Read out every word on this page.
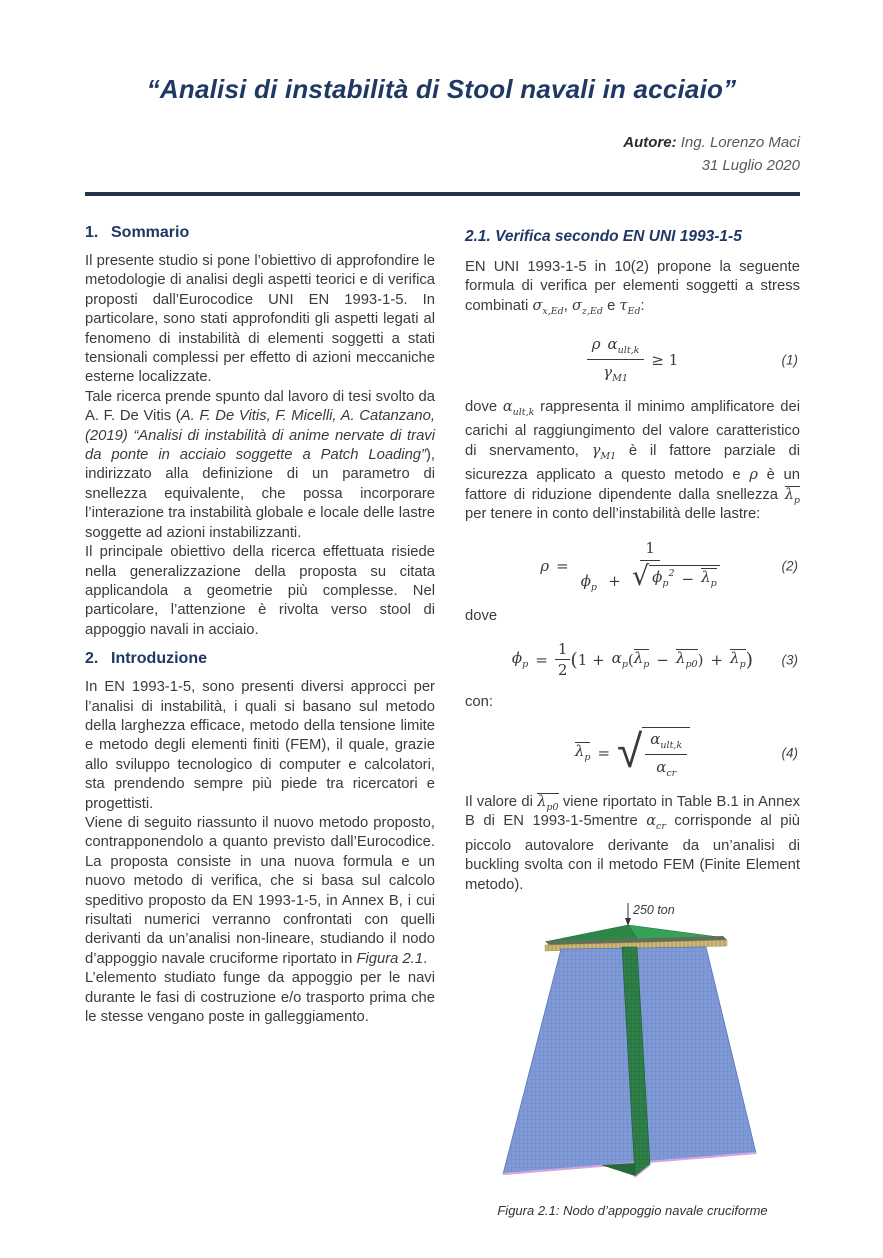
“Analisi di instabilità di Stool navali in acciaio”
Autore: Ing. Lorenzo Maci
31 Luglio 2020
1. Sommario

Il presente studio si pone l’obiettivo di approfondire le metodologie di analisi degli aspetti teorici e di verifica proposti dall’Eurocodice UNI EN 1993-1-5. In particolare, sono stati approfonditi gli aspetti legati al fenomeno di instabilità di elementi soggetti a stati tensionali complessi per effetto di azioni meccaniche esterne localizzate.

Tale ricerca prende spunto dal lavoro di tesi svolto da A. F. De Vitis (A. F. De Vitis, F. Micelli, A. Catanzano, (2019) “Analisi di instabilità di anime nervate di travi da ponte in acciaio soggette a Patch Loading”), indirizzato alla definizione di un parametro di snellezza equivalente, che possa incorporare l’interazione tra instabilità globale e locale delle lastre soggette ad azioni instabilizzanti.

Il principale obiettivo della ricerca effettuata risiede nella generalizzazione della proposta su citata applicandola a geometrie più complesse. Nel particolare, l’attenzione è rivolta verso stool di appoggio navali in acciaio.

2. Introduzione

In EN 1993-1-5, sono presenti diversi approcci per l’analisi di instabilità, i quali si basano sul metodo della larghezza efficace, metodo della tensione limite e metodo degli elementi finiti (FEM), il quale, grazie allo sviluppo tecnologico di computer e calcolatori, sta prendendo sempre più piede tra ricercatori e progettisti.

Viene di seguito riassunto il nuovo metodo proposto, contrapponendolo a quanto previsto dall’Eurocodice. La proposta consiste in una nuova formula e un nuovo metodo di verifica, che si basa sul calcolo speditivo proposto da EN 1993-1-5, in Annex B, i cui risultati numerici verranno confrontati con quelli derivanti da un’analisi non-lineare, studiando il nodo d’appoggio navale cruciforme riportato in Figura 2.1.

L’elemento studiato funge da appoggio per le navi durante le fasi di costruzione e/o trasporto prima che le stesse vengano poste in galleggiamento.

2.1. Verifica secondo EN UNI 1993-1-5

EN UNI 1993-1-5 in 10(2) propone la seguente formula di verifica per elementi soggetti a stress combinati $\sigma_{x,Ed}$, $\sigma_{z,Ed}$ e $\tau_{Ed}$:

$\frac{\rho \alpha_{ult,k}}{\gamma_{M1}} \ge 1$	(1)

dove $\alpha_{ult,k}$ rappresenta il minimo amplificatore dei carichi al raggiungimento del valore caratteristico di snervamento, $\gamma_{M1}$ è il fattore parziale di sicurezza applicato a questo metodo e ρ è un fattore di riduzione dipendente dalla snellezza $\lambda_p$ per tenere in conto dell’instabilità delle lastre:

$\rho = \frac{1}{\phi_p + √ \phi_p^2 - \lambda_p}$	(2)

dove

$\phi_p = \frac{1}{2}$ ( $1 + \alpha_p$ ( $\lambda_p - \lambda_{p0}$ ) + $\lambda_p$ ) (3)

con:

$\lambda_p$ = √ $\frac{\alpha_{ult,k}}{\alpha_{cr}}$	(4)

Il valore di $\lambda_{p0}$ viene riportato in Table B.1 in Annex B di EN 1993-1-5mentre $\alpha_{cr}$ corrisponde al più piccolo autovalore derivante da un’analisi di buckling svolta con il metodo FEM (Finite Element metodo).

250 ton
Figura 2.1: Nodo d’appoggio navale cruciforme
